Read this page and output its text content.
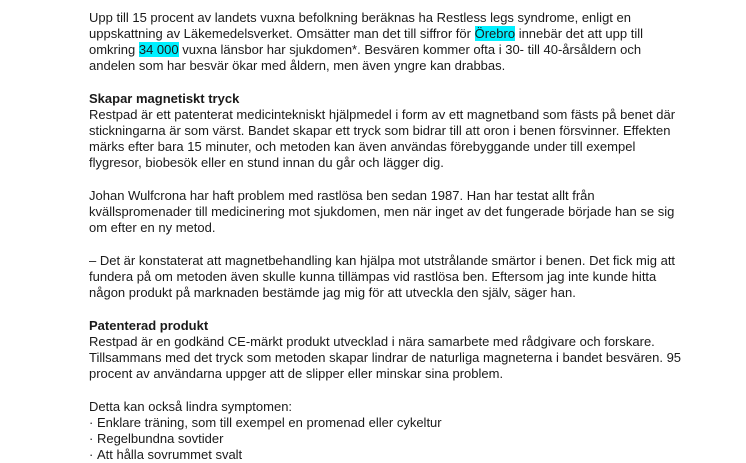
Upp till 15 procent av landets vuxna befolkning beräknas ha Restless legs syndrome, enligt en uppskattning av Läkemedelsverket. Omsätter man det till siffror för Örebro innebär det att upp till omkring 34 000 vuxna länsbor har sjukdomen*. Besvären kommer ofta i 30- till 40-årsåldern och andelen som har besvär ökar med åldern, men även yngre kan drabbas.

Skapar magnetiskt tryck

Restpad är ett patenterat medicintekniskt hjälpmedel i form av ett magnetband som fästs på benet där stickningarna är som värst. Bandet skapar ett tryck som bidrar till att oron i benen försvinner. Effekten märks efter bara 15 minuter, och metoden kan även användas förebyggande under till exempel flygresor, biobesök eller en stund innan du går och lägger dig.

Johan Wulfcrona har haft problem med rastlösa ben sedan 1987. Han har testat allt från kvällspromenader till medicinering mot sjukdomen, men när inget av det fungerade började han se sig om efter en ny metod.

– Det är konstaterat att magnetbehandling kan hjälpa mot utstrålande smärtor i benen. Det fick mig att fundera på om metoden även skulle kunna tillämpas vid rastlösa ben. Eftersom jag inte kunde hitta någon produkt på marknaden bestämde jag mig för att utveckla den själv, säger han.

Patenterad produkt

Restpad är en godkänd CE-märkt produkt utvecklad i nära samarbete med rådgivare och forskare. Tillsammans med det tryck som metoden skapar lindrar de naturliga magneterna i bandet besvären. 95 procent av användarna uppger att de slipper eller minskar sina problem.

Detta kan också lindra symptomen:
· Enklare träning, som till exempel en promenad eller cykeltur
· Regelbundna sovtider
· Att hålla sovrummet svalt
